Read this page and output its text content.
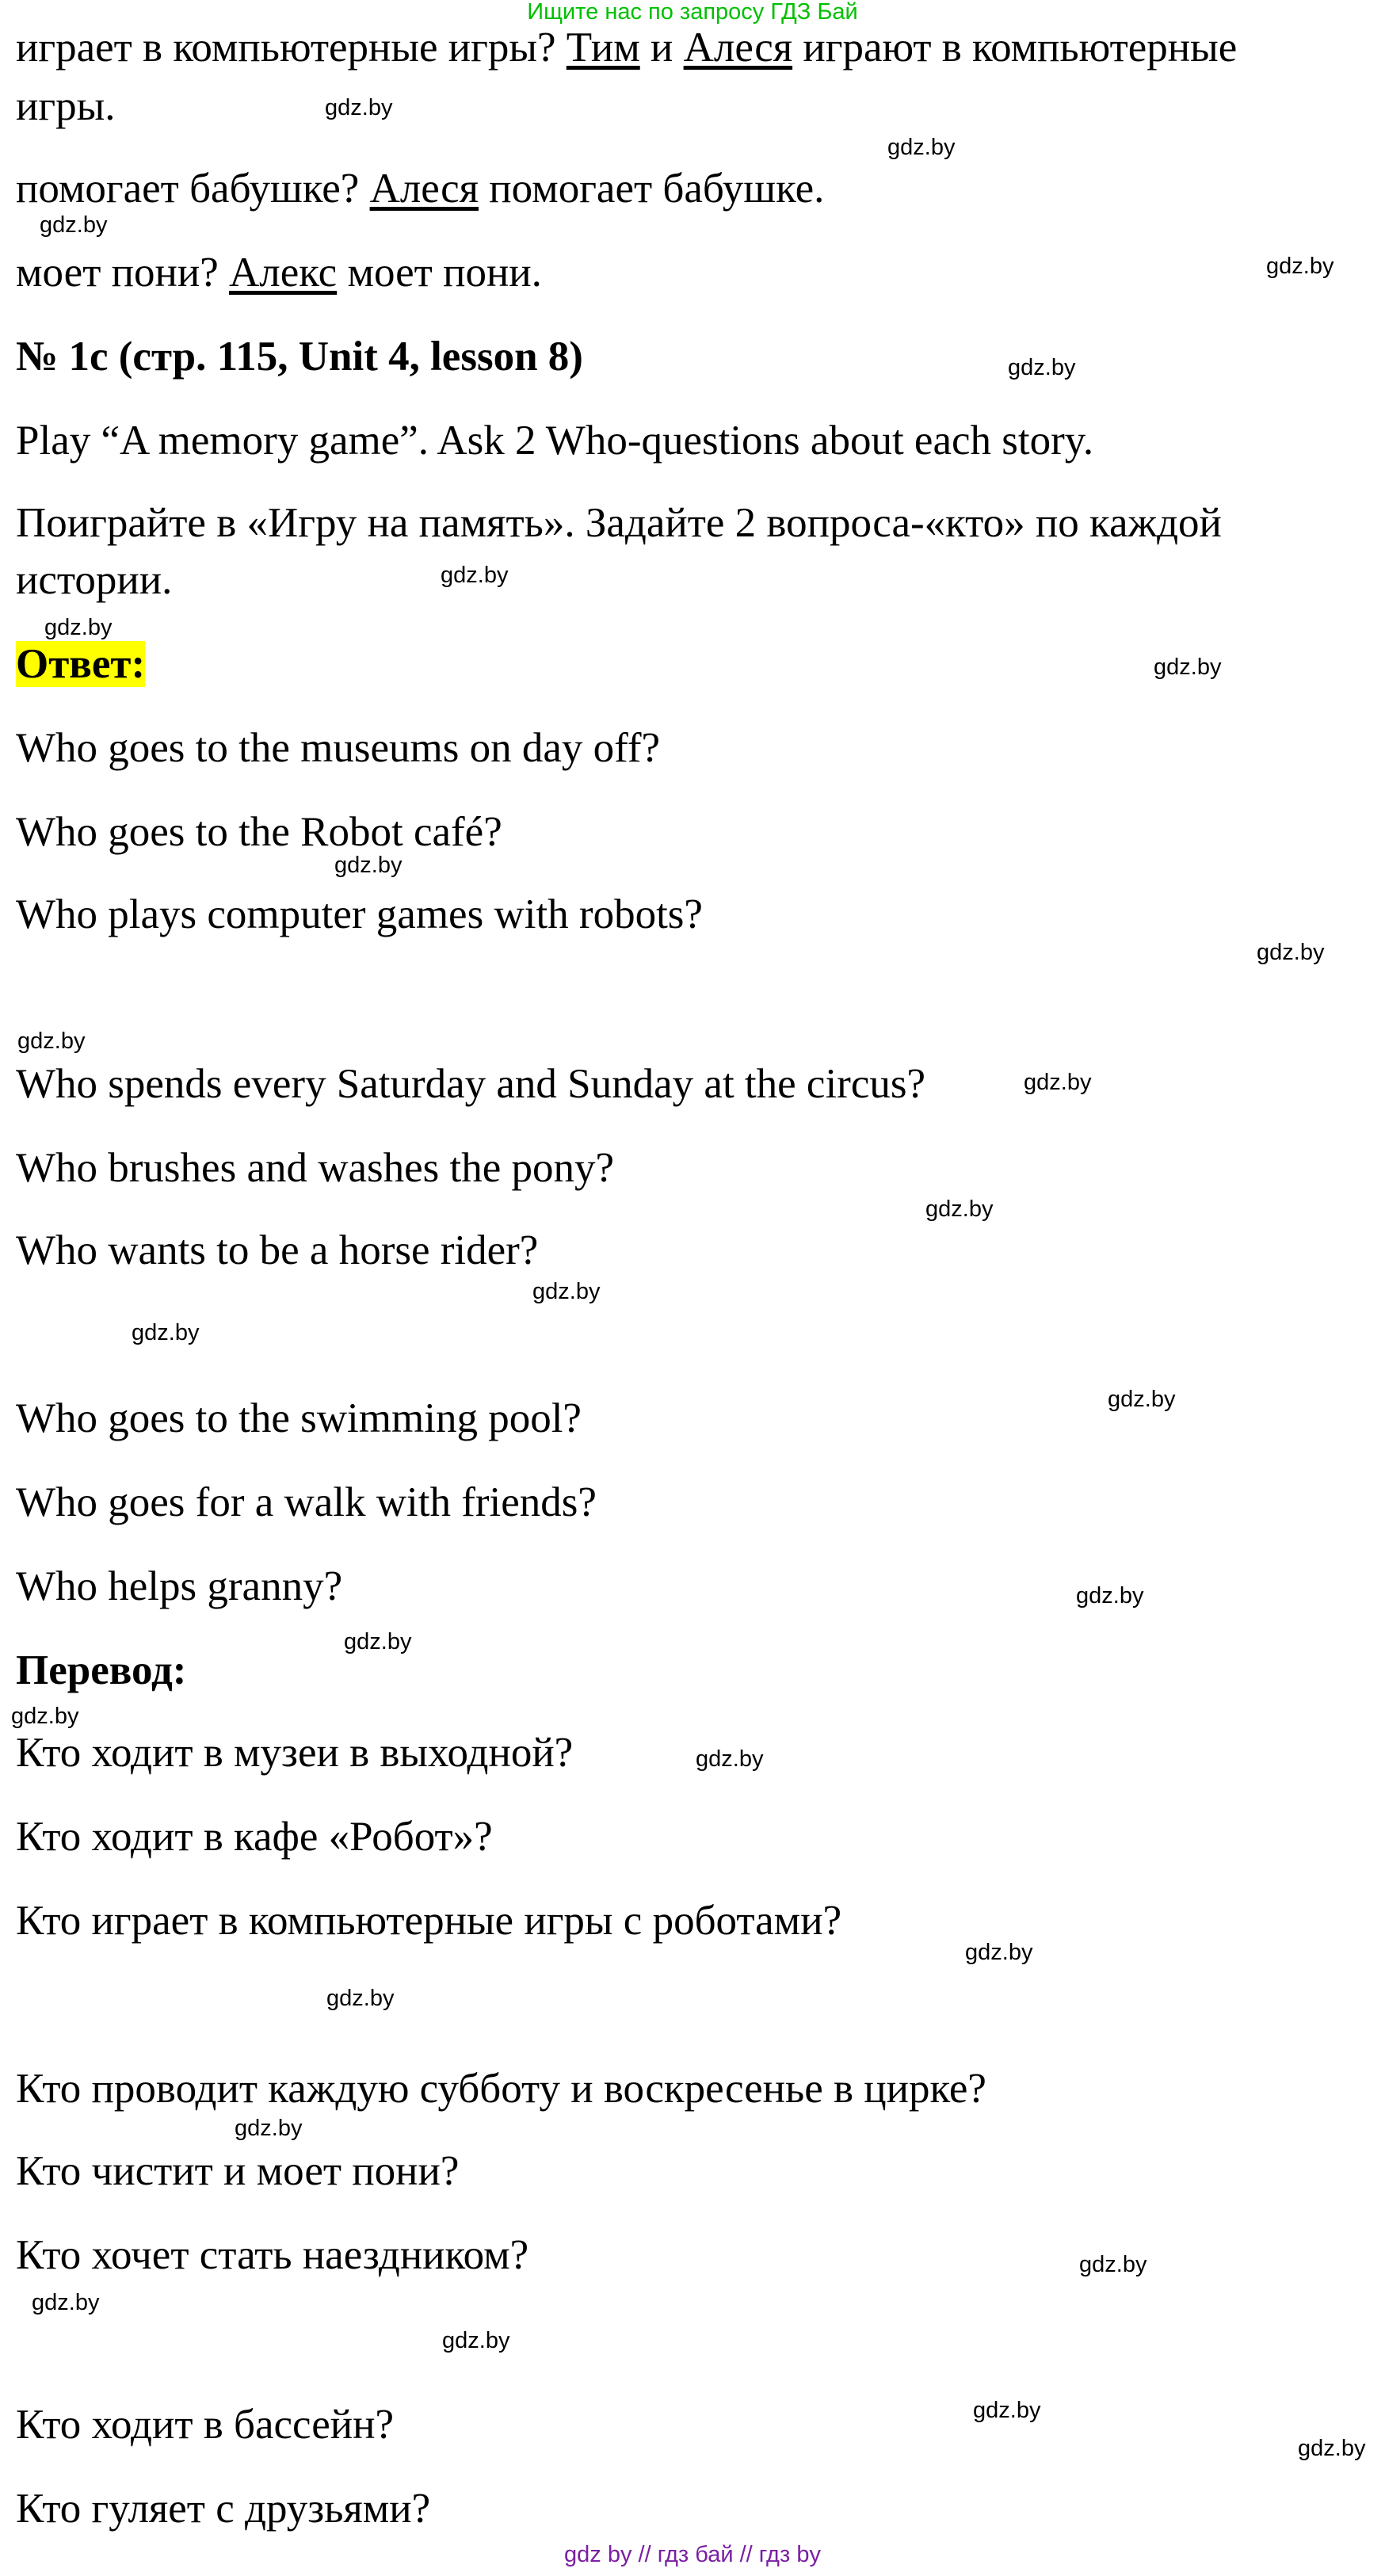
Ищите нас по запросу ГДЗ Бай
играет в компьютерные игры? Тим и Алеся играют в компьютерные
игры.
помогает бабушке? Алеся помогает бабушке.
моет пони? Алекс моет пони.
№ 1c (стр. 115, Unit 4, lesson 8)
Play “A memory game”. Ask 2 Who-questions about each story.
Поиграйте в «Игру на память». Задайте 2 вопроса-«кто» по каждой
истории.
Ответ:
Who goes to the museums on day off?
Who goes to the Robot café?
Who plays computer games with robots?
Who spends every Saturday and Sunday at the circus?
Who brushes and washes the pony?
Who wants to be a horse rider?
Who goes to the swimming pool?
Who goes for a walk with friends?
Who helps granny?
Перевод:
Кто ходит в музеи в выходной?
Кто ходит в кафе «Робот»?
Кто играет в компьютерные игры с роботами?
Кто проводит каждую субботу и воскресенье в цирке?
Кто чистит и моет пони?
Кто хочет стать наездником?
Кто ходит в бассейн?
Кто гуляет с друзьями?
gdz.by
gdz.by
gdz.by
gdz.by
gdz.by
gdz.by
gdz.by
gdz.by
gdz.by
gdz.by
gdz.by
gdz.by
gdz.by
gdz.by
gdz.by
gdz.by
gdz.by
gdz.by
gdz.by
gdz.by
gdz.by
gdz.by
gdz.by
gdz.by
gdz.by
gdz.by
gdz.by
gdz.by
gdz by // гдз бай // гдз by
